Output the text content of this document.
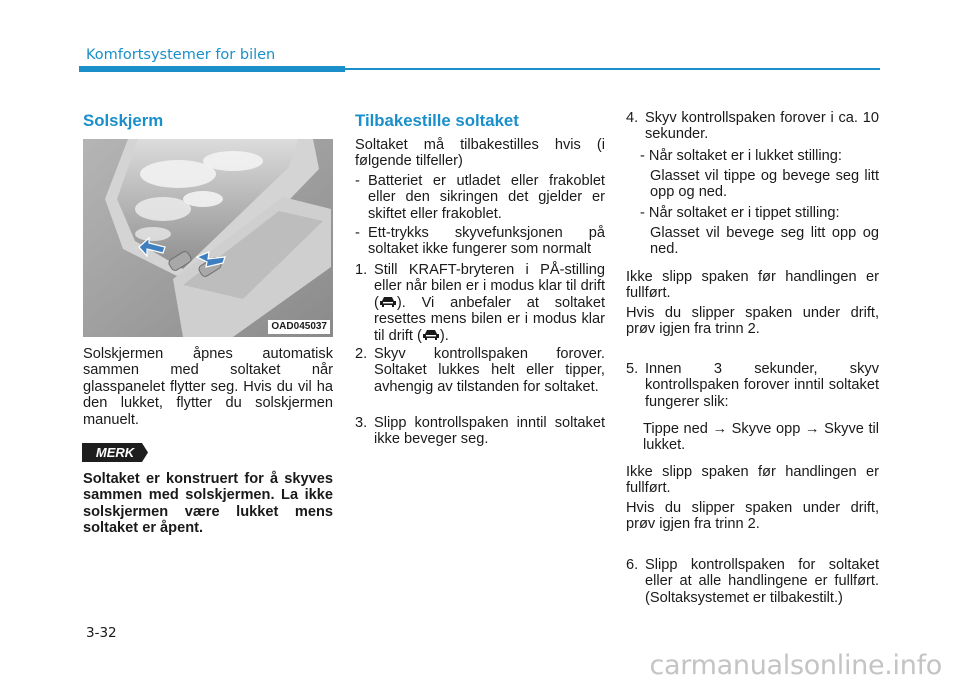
Komfortsystemer for bilen
Solskjerm
OAD045037
Solskjermen åpnes automatisk sammen med soltaket når glasspanelet flytter seg. Hvis du vil ha den lukket, flytter du solskjermen manuelt.
MERK
Soltaket er konstruert for å skyves sammen med solskjermen. La ikke solskjermen være lukket mens soltaket er åpent.
Tilbakestille soltaket
Soltaket må tilbakestilles hvis (i følgende tilfeller)
- Batteriet er utladet eller frakoblet eller den sikringen det gjelder er skiftet eller frakoblet.
- Ett-trykks skyvefunksjonen på soltaket ikke fungerer som normalt
1. Still KRAFT-bryteren i PÅ-stilling eller når bilen er i modus klar til drift ( ). Vi anbefaler at soltaket resettes mens bilen er i modus klar til drift ( ).
2. Skyv kontrollspaken forover. Soltaket lukkes helt eller tipper, avhengig av tilstanden for soltaket.
3. Slipp kontrollspaken inntil soltaket ikke beveger seg.
4. Skyv kontrollspaken forover i ca. 10 sekunder.
- Når soltaket er i lukket stilling:
Glasset vil tippe og bevege seg litt opp og ned.
- Når soltaket er i tippet stilling:
Glasset vil bevege seg litt opp og ned.
Ikke slipp spaken før handlingen er fullført.
Hvis du slipper spaken under drift, prøv igjen fra trinn 2.
5. Innen 3 sekunder, skyv kontrollspaken forover inntil soltaket fungerer slik:
Tippe ned → Skyve opp → Skyve til lukket.
Ikke slipp spaken før handlingen er fullført.
Hvis du slipper spaken under drift, prøv igjen fra trinn 2.
6. Slipp kontrollspaken for soltaket eller at alle handlingene er fullført. (Soltaksystemet er tilbakestilt.)
3-32
carmanualsonline.info
